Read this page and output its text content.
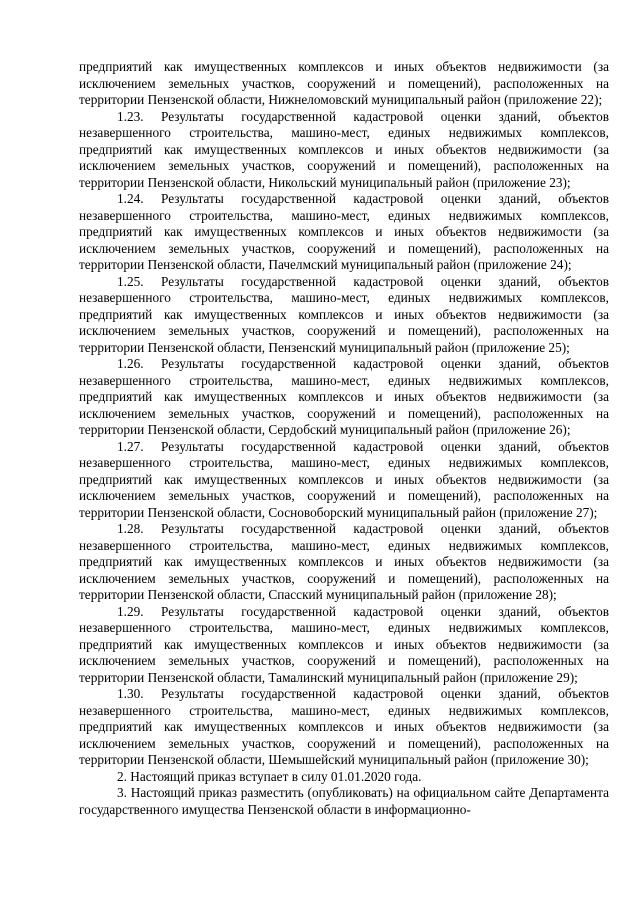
предприятий как имущественных комплексов и иных объектов недвижимости (за исключением земельных участков, сооружений и помещений), расположенных на территории Пензенской области, Нижнеломовский муниципальный район (приложение 22);

1.23. Результаты государственной кадастровой оценки зданий, объектов незавершенного строительства, машино-мест, единых недвижимых комплексов, предприятий как имущественных комплексов и иных объектов недвижимости (за исключением земельных участков, сооружений и помещений), расположенных на территории Пензенской области, Никольский муниципальный район (приложение 23);

1.24. Результаты государственной кадастровой оценки зданий, объектов незавершенного строительства, машино-мест, единых недвижимых комплексов, предприятий как имущественных комплексов и иных объектов недвижимости (за исключением земельных участков, сооружений и помещений), расположенных на территории Пензенской области, Пачелмский муниципальный район (приложение 24);

1.25. Результаты государственной кадастровой оценки зданий, объектов незавершенного строительства, машино-мест, единых недвижимых комплексов, предприятий как имущественных комплексов и иных объектов недвижимости (за исключением земельных участков, сооружений и помещений), расположенных на территории Пензенской области, Пензенский муниципальный район (приложение 25);

1.26. Результаты государственной кадастровой оценки зданий, объектов незавершенного строительства, машино-мест, единых недвижимых комплексов, предприятий как имущественных комплексов и иных объектов недвижимости (за исключением земельных участков, сооружений и помещений), расположенных на территории Пензенской области, Сердобский муниципальный район (приложение 26);

1.27. Результаты государственной кадастровой оценки зданий, объектов незавершенного строительства, машино-мест, единых недвижимых комплексов, предприятий как имущественных комплексов и иных объектов недвижимости (за исключением земельных участков, сооружений и помещений), расположенных на территории Пензенской области, Сосновоборский муниципальный район (приложение 27);

1.28. Результаты государственной кадастровой оценки зданий, объектов незавершенного строительства, машино-мест, единых недвижимых комплексов, предприятий как имущественных комплексов и иных объектов недвижимости (за исключением земельных участков, сооружений и помещений), расположенных на территории Пензенской области, Спасский муниципальный район (приложение 28);

1.29. Результаты государственной кадастровой оценки зданий, объектов незавершенного строительства, машино-мест, единых недвижимых комплексов, предприятий как имущественных комплексов и иных объектов недвижимости (за исключением земельных участков, сооружений и помещений), расположенных на территории Пензенской области, Тамалинский муниципальный район (приложение 29);

1.30. Результаты государственной кадастровой оценки зданий, объектов незавершенного строительства, машино-мест, единых недвижимых комплексов, предприятий как имущественных комплексов и иных объектов недвижимости (за исключением земельных участков, сооружений и помещений), расположенных на территории Пензенской области, Шемышейский муниципальный район (приложение 30);

2. Настоящий приказ вступает в силу 01.01.2020 года.

3. Настоящий приказ разместить (опубликовать) на официальном сайте Департамента государственного имущества Пензенской области в информационно-
